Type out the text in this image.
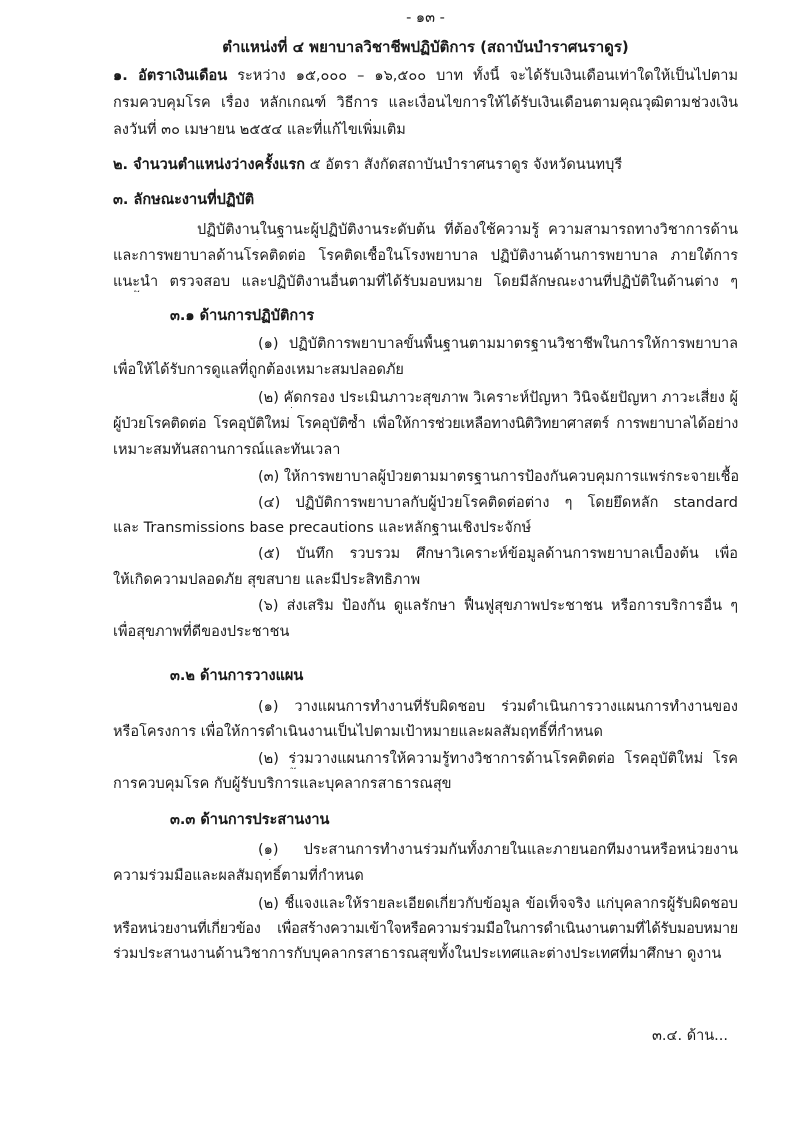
- ๑๓ -
ตำแหน่งที่ ๔ พยาบาลวิชาชีพปฏิบัติการ (สถาบันบำราศนราดูร)
๑. อัตราเงินเดือน ระหว่าง ๑๕,๐๐๐ – ๑๖,๕๐๐ บาท ทั้งนี้ จะได้รับเงินเดือนเท่าใดให้เป็นไปตาม
กรมควบคุมโรค เรื่อง หลักเกณฑ์ วิธีการ และเงื่อนไขการให้ได้รับเงินเดือนตามคุณวุฒิตามช่วงเงิน
ลงวันที่ ๓๐ เมษายน ๒๕๕๔ และที่แก้ไขเพิ่มเติม
๒. จำนวนตำแหน่งว่างครั้งแรก ๕ อัตรา สังกัดสถาบันบำราศนราดูร จังหวัดนนทบุรี
๓. ลักษณะงานที่ปฏิบัติ
ปฏิบัติงานในฐานะผู้ปฏิบัติงานระดับต้น ที่ต้องใช้ความรู้ ความสามารถทางวิชาการด้าน
และการพยาบาลด้านโรคติดต่อ โรคติดเชื้อในโรงพยาบาล ปฏิบัติงานด้านการพยาบาล ภายใต้การ
แนะนำ ตรวจสอบ และปฏิบัติงานอื่นตามที่ได้รับมอบหมาย โดยมีลักษณะงานที่ปฏิบัติในด้านต่าง ๆ
๓.๑ ด้านการปฏิบัติการ
(๑) ปฏิบัติการพยาบาลขั้นพื้นฐานตามมาตรฐานวิชาชีพในการให้การพยาบาล
เพื่อให้ได้รับการดูแลที่ถูกต้องเหมาะสมปลอดภัย
(๒) คัดกรอง ประเมินภาวะสุขภาพ วิเคราะห์ปัญหา วินิจฉัยปัญหา ภาวะเสี่ยง ผู้
ผู้ป่วยโรคติดต่อ โรคอุบัติใหม่ โรคอุบัติซ้ำ เพื่อให้การช่วยเหลือทางนิติวิทยาศาสตร์ การพยาบาลได้อย่าง
เหมาะสมทันสถานการณ์และทันเวลา
(๓) ให้การพยาบาลผู้ป่วยตามมาตรฐานการป้องกันควบคุมการแพร่กระจายเชื้อ
(๔) ปฏิบัติการพยาบาลกับผู้ป่วยโรคติดต่อต่าง ๆ โดยยึดหลัก standard
และ Transmissions base precautions และหลักฐานเชิงประจักษ์
(๕) บันทึก รวบรวม ศึกษาวิเคราะห์ข้อมูลด้านการพยาบาลเบื้องต้น เพื่อ
ให้เกิดความปลอดภัย สุขสบาย และมีประสิทธิภาพ
(๖) ส่งเสริม ป้องกัน ดูแลรักษา ฟื้นฟูสุขภาพประชาชน หรือการบริการอื่น ๆ
เพื่อสุขภาพที่ดีของประชาชน
๓.๒ ด้านการวางแผน
(๑) วางแผนการทำงานที่รับผิดชอบ ร่วมดำเนินการวางแผนการทำงานของ
หรือโครงการ เพื่อให้การดำเนินงานเป็นไปตามเป้าหมายและผลสัมฤทธิ์ที่กำหนด
(๒) ร่วมวางแผนการให้ความรู้ทางวิชาการด้านโรคติดต่อ โรคอุบัติใหม่ โรค
การควบคุมโรค กับผู้รับบริการและบุคลากรสาธารณสุข
๓.๓ ด้านการประสานงาน
(๑) ประสานการทำงานร่วมกันทั้งภายในและภายนอกทีมงานหรือหน่วยงาน
ความร่วมมือและผลสัมฤทธิ์ตามที่กำหนด
(๒) ชี้แจงและให้รายละเอียดเกี่ยวกับข้อมูล ข้อเท็จจริง แก่บุคลากรผู้รับผิดชอบ
หรือหน่วยงานที่เกี่ยวข้อง เพื่อสร้างความเข้าใจหรือความร่วมมือในการดำเนินงานตามที่ได้รับมอบหมาย
ร่วมประสานงานด้านวิชาการกับบุคลากรสาธารณสุขทั้งในประเทศและต่างประเทศที่มาศึกษา ดูงาน
๓.๔. ด้าน...
